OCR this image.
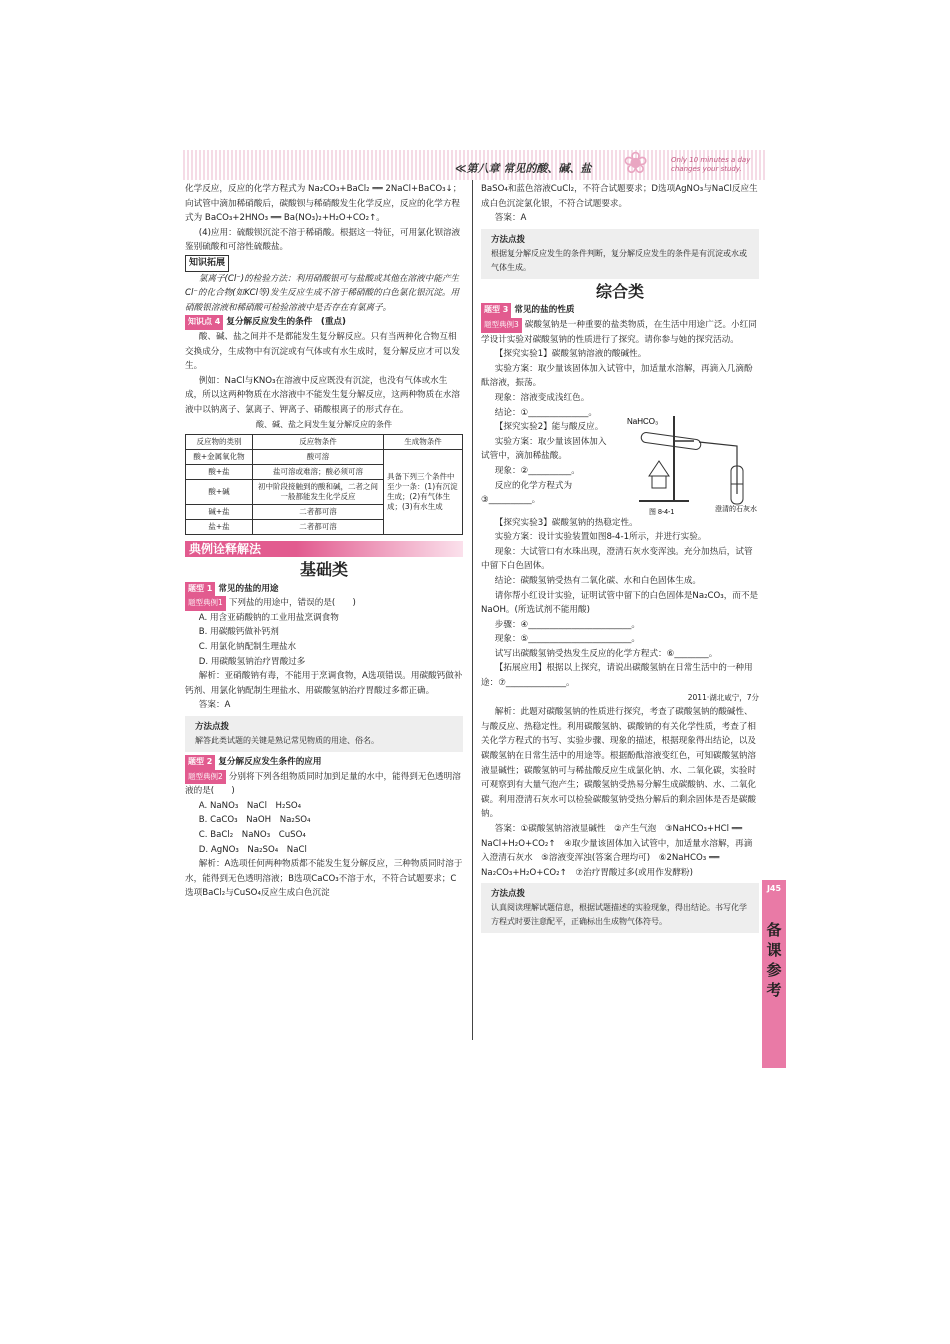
≪第八章 常见的酸、碱、盐 ❀	Only 10 minutes a day changes your study.

化学反应，反应的化学方程式为 Na₂CO₃+BaCl₂ ══ 2NaCl+BaCO₃↓；向试管中滴加稀硝酸后，碳酸钡与稀硝酸发生化学反应，反应的化学方程式为 BaCO₃+2HNO₃ ══ Ba(NO₃)₂+H₂O+CO₂↑。

(4)应用：硫酸钡沉淀不溶于稀硝酸。根据这一特征，可用氯化钡溶液鉴别硫酸和可溶性硫酸盐。

知识拓展

氯离子(Cl⁻)的检验方法：利用硝酸银可与盐酸或其他在溶液中能产生Cl⁻的化合物(如KCl等)发生反应生成不溶于稀硝酸的白色氯化银沉淀。用硝酸银溶液和稀硝酸可检验溶液中是否存在有氯离子。

知识点 4 复分解反应发生的条件　(重点)

酸、碱、盐之间并不是都能发生复分解反应。只有当两种化合物互相交换成分，生成物中有沉淀或有气体或有水生成时，复分解反应才可以发生。

例如：NaCl与KNO₃在溶液中反应既没有沉淀，也没有气体或水生成，所以这两种物质在水溶液中不能发生复分解反应，这两种物质在水溶液中以钠离子、氯离子、钾离子、硝酸根离子的形式存在。

酸、碱、盐之间发生复分解反应的条件

反应物的类别	反应物条件	生成物条件
酸+金属氧化物	酸可溶	具备下列三个条件中至少一条：(1)有沉淀生成；(2)有气体生成；(3)有水生成
酸+盐	盐可溶或难溶；酸必须可溶	
酸+碱	初中阶段接触到的酸和碱，二者之间一般都能发生化学反应	
碱+盐	二者都可溶	
盐+盐	二者都可溶	
典例诠释解法
基础类

题型 1 常见的盐的用途

题型典例1 下列盐的用途中，错误的是(　　)

A. 用含亚硝酸钠的工业用盐烹调食物

B. 用碳酸钙做补钙剂

C. 用氯化钠配制生理盐水

D. 用碳酸氢钠治疗胃酸过多

解析：亚硝酸钠有毒，不能用于烹调食物，A选项错误。用碳酸钙做补钙剂、用氯化钠配制生理盐水、用碳酸氢钠治疗胃酸过多都正确。

答案：A

方法点拨
解答此类试题的关键是熟记常见物质的用途、俗名。

题型 2 复分解反应发生条件的应用

题型典例2 分别将下列各组物质同时加到足量的水中，能得到无色透明溶液的是(　　)

A. NaNO₃　NaCl　H₂SO₄

B. CaCO₃　NaOH　Na₂SO₄

C. BaCl₂　NaNO₃　CuSO₄

D. AgNO₃　Na₂SO₄　NaCl

解析：A选项任何两种物质都不能发生复分解反应，三种物质同时溶于水，能得到无色透明溶液；B选项CaCO₃不溶于水，不符合试题要求；C选项BaCl₂与CuSO₄反应生成白色沉淀

BaSO₄和蓝色溶液CuCl₂，不符合试题要求；D选项AgNO₃与NaCl反应生成白色沉淀氯化银，不符合试题要求。

答案：A

方法点拨
根据复分解反应发生的条件判断，复分解反应发生的条件是有沉淀或水或气体生成。
综合类

题型 3 常见的盐的性质

题型典例3 碳酸氢钠是一种重要的盐类物质，在生活中用途广泛。小红同学设计实验对碳酸氢钠的性质进行了探究。请你参与她的探究活动。

【探究实验1】碳酸氢钠溶液的酸碱性。

实验方案：取少量该固体加入试管中，加适量水溶解，再滴入几滴酚酞溶液，振荡。

现象：溶液变成浅红色。

NaHCO₃
澄清的石灰水
图 8-4-1

结论：①______________。

【探究实验2】能与酸反应。

实验方案：取少量该固体加入试管中，滴加稀盐酸。

现象：②__________。

反应的化学方程式为③__________。

【探究实验3】碳酸氢钠的热稳定性。

实验方案：设计实验装置如图8-4-1所示，并进行实验。

现象：大试管口有水珠出现，澄清石灰水变浑浊。充分加热后，试管中留下白色固体。

结论：碳酸氢钠受热有二氧化碳、水和白色固体生成。

请你帮小红设计实验，证明试管中留下的白色固体是Na₂CO₃，而不是NaOH。(所选试剂不能用酸)

步骤：④________________________。

现象：⑤________________________。

试写出碳酸氢钠受热发生反应的化学方程式：⑥________。

【拓展应用】根据以上探究，请说出碳酸氢钠在日常生活中的一种用途：⑦______________。

2011·湖北咸宁，7分

解析：此题对碳酸氢钠的性质进行探究，考查了碳酸氢钠的酸碱性、与酸反应、热稳定性。利用碳酸氢钠、碳酸钠的有关化学性质，考查了相关化学方程式的书写、实验步骤、现象的描述，根据现象得出结论，以及碳酸氢钠在日常生活中的用途等。根据酚酞溶液变红色，可知碳酸氢钠溶液显碱性；碳酸氢钠可与稀盐酸反应生成氯化钠、水、二氧化碳，实验时可观察到有大量气泡产生；碳酸氢钠受热易分解生成碳酸钠、水、二氧化碳。利用澄清石灰水可以检验碳酸氢钠受热分解后的剩余固体是否是碳酸钠。

答案：①碳酸氢钠溶液显碱性　②产生气泡　③NaHCO₃+HCl ══ NaCl+H₂O+CO₂↑　④取少量该固体加入试管中，加适量水溶解，再滴入澄清石灰水　⑤溶液变浑浊(答案合理均可)　⑥2NaHCO₃ ══ Na₂CO₃+H₂O+CO₂↑　⑦治疗胃酸过多(或用作发酵粉)

方法点拨
认真阅读理解试题信息，根据试题描述的实验现象，得出结论。书写化学方程式时要注意配平，正确标出生成物气体符号。
J45
备课参考
